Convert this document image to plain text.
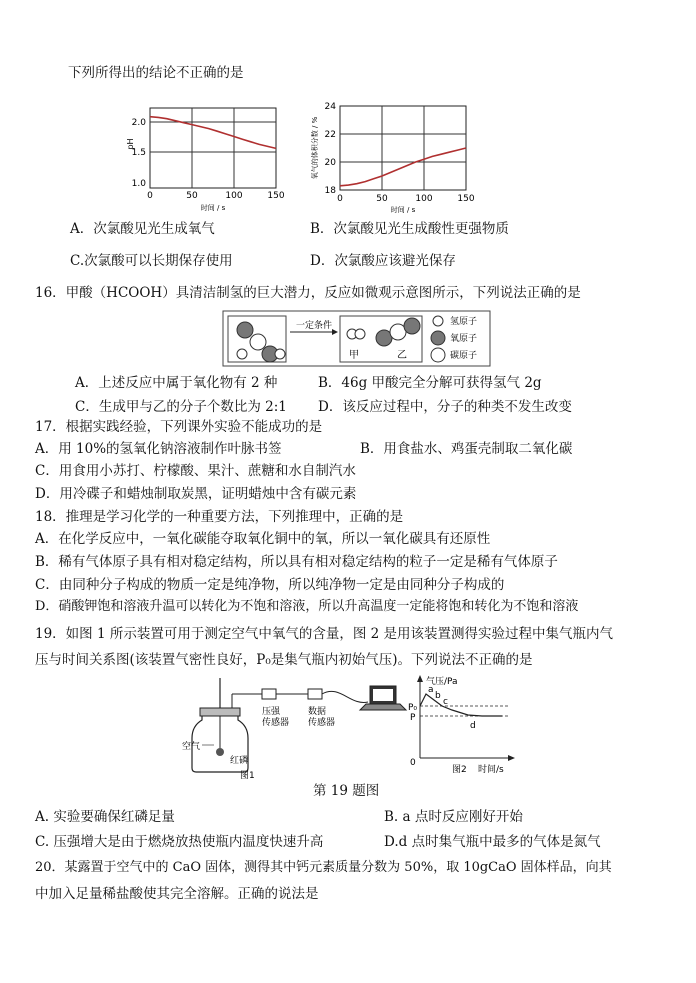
下列所得出的结论不正确的是
2.0
1.5
1.0
pH
0	50	100	150
时间 / s
24
22
20
18
氧气的体积分数 / %
0	50	100	150
时间 / s
A．次氯酸见光生成氧气	B．次氯酸见光生成酸性更强物质
C.次氯酸可以长期保存使用	D．次氯酸应该避光保存
16．甲酸（HCOOH）具清洁制氢的巨大潜力，反应如微观示意图所示，下列说法正确的是
一定条件
甲	乙
氢原子
氧原子
碳原子
A．上述反应中属于氧化物有 2 种	B．46g 甲酸完全分解可获得氢气 2g
C．生成甲与乙的分子个数比为 2:1 D．该反应过程中，分子的种类不发生改变
17．根据实践经验，下列课外实验不能成功的是
A．用 10%的氢氧化钠溶液制作叶脉书签	B．用食盐水、鸡蛋壳制取二氧化碳
C．用食用小苏打、柠檬酸、果汁、蔗糖和水自制汽水
D．用冷碟子和蜡烛制取炭黑，证明蜡烛中含有碳元素
18．推理是学习化学的一种重要方法，下列推理中，正确的是
A．在化学反应中，一氧化碳能夺取氧化铜中的氧，所以一氧化碳具有还原性
B．稀有气体原子具有相对稳定结构，所以具有相对稳定结构的粒子一定是稀有气体原子
C．由同种分子构成的物质一定是纯净物，所以纯净物一定是由同种分子构成的
D．硝酸钾饱和溶液升温可以转化为不饱和溶液，所以升高温度一定能将饱和转化为不饱和溶液
19．如图 1 所示装置可用于测定空气中氧气的含量，图 2 是用该装置测得实验过程中集气瓶内气
压与时间关系图(该装置气密性良好，P₀是集气瓶内初始气压)。下列说法不正确的是
空气
红磷
压强
传感器
数据
传感器
图1
气压/Pa
时间/s
0
P₀
P
a
b
c
d
图2
第 19 题图
A. 实验要确保红磷足量	B. a 点时反应刚好开始
C. 压强增大是由于燃烧放热使瓶内温度快速升高	D.d 点时集气瓶中最多的气体是氮气
20．某露置于空气中的 CaO 固体，测得其中钙元素质量分数为 50%，取 10gCaO 固体样品，向其
中加入足量稀盐酸使其完全溶解。正确的说法是
